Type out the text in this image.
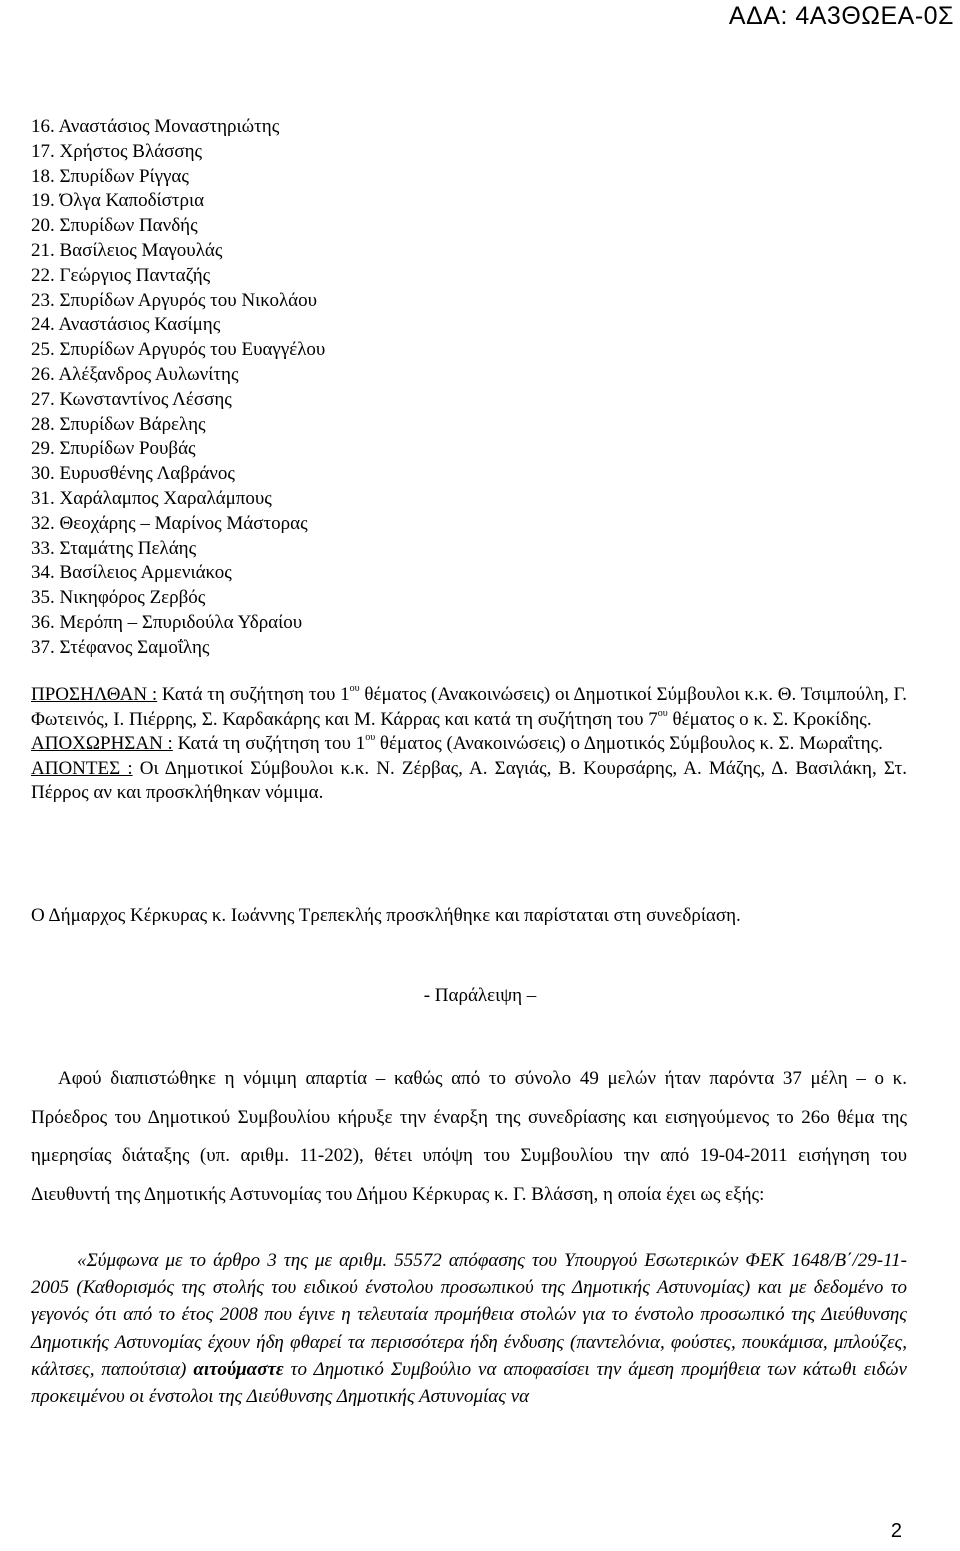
ΑΔΑ: 4Α3ΘΩΕΑ-0Σ
16. Αναστάσιος Μοναστηριώτης
17. Χρήστος Βλάσσης
18. Σπυρίδων Ρίγγας
19. Όλγα Καποδίστρια
20. Σπυρίδων Πανδής
21. Βασίλειος Μαγουλάς
22. Γεώργιος Πανταζής
23. Σπυρίδων Αργυρός του Νικολάου
24. Αναστάσιος Κασίμης
25. Σπυρίδων Αργυρός του Ευαγγέλου
26. Αλέξανδρος Αυλωνίτης
27. Κωνσταντίνος Λέσσης
28. Σπυρίδων Βάρελης
29. Σπυρίδων Ρουβάς
30. Ευρυσθένης Λαβράνος
31. Χαράλαμπος Χαραλάμπους
32. Θεοχάρης – Μαρίνος Μάστορας
33. Σταμάτης Πελάης
34. Βασίλειος Αρμενιάκος
35. Νικηφόρος Ζερβός
36. Μερόπη – Σπυριδούλα Υδραίου
37. Στέφανος Σαμοΐλης

ΠΡΟΣΗΛΘΑΝ : Κατά τη συζήτηση του $1^{o\upsilon}$ θέματος (Ανακοινώσεις) οι Δημοτικοί Σύμβουλοι κ.κ. Θ. Τσιμπούλη, Γ. Φωτεινός, Ι. Πιέρρης, Σ. Καρδακάρης και Μ. Κάρρας και κατά τη συζήτηση του $7^{o\upsilon}$ θέματος ο κ. Σ. Κροκίδης.

ΑΠΟΧΩΡΗΣΑΝ : Κατά τη συζήτηση του $1^{o\upsilon}$ θέματος (Ανακοινώσεις) ο Δημοτικός Σύμβουλος κ. Σ. Μωραΐτης.

ΑΠΟΝΤΕΣ : Οι Δημοτικοί Σύμβουλοι κ.κ. Ν. Ζέρβας, Α. Σαγιάς, Β. Κουρσάρης, Α. Μάζης, Δ. Βασιλάκη, Στ. Πέρρος αν και προσκλήθηκαν νόμιμα.

Ο Δήμαρχος Κέρκυρας κ. Ιωάννης Τρεπεκλής προσκλήθηκε και παρίσταται στη συνεδρίαση.
- Παράλειψη –
Αφού διαπιστώθηκε η νόμιμη απαρτία – καθώς από το σύνολο 49 μελών ήταν παρόντα 37 μέλη – ο κ. Πρόεδρος του Δημοτικού Συμβουλίου κήρυξε την έναρξη της συνεδρίασης και εισηγούμενος το 26ο θέμα της ημερησίας διάταξης (υπ. αριθμ. 11-202), θέτει υπόψη του Συμβουλίου την από 19-04-2011 εισήγηση του Διευθυντή της Δημοτικής Αστυνομίας του Δήμου Κέρκυρας κ. Γ. Βλάσση, η οποία έχει ως εξής:
«Σύμφωνα με το άρθρο 3 της με αριθμ. 55572 απόφασης του Υπουργού Εσωτερικών ΦΕΚ 1648/Β΄/29-11-2005 (Καθορισμός της στολής του ειδικού ένστολου προσωπικού της Δημοτικής Αστυνομίας) και με δεδομένο το γεγονός ότι από το έτος 2008 που έγινε η τελευταία προμήθεια στολών για το ένστολο προσωπικό της Διεύθυνσης Δημοτικής Αστυνομίας έχουν ήδη φθαρεί τα περισσότερα ήδη ένδυσης (παντελόνια, φούστες, πουκάμισα, μπλούζες, κάλτσες, παπούτσια) αιτούμαστε το Δημοτικό Συμβούλιο να αποφασίσει την άμεση προμήθεια των κάτωθι ειδών προκειμένου οι ένστολοι της Διεύθυνσης Δημοτικής Αστυνομίας να
2
